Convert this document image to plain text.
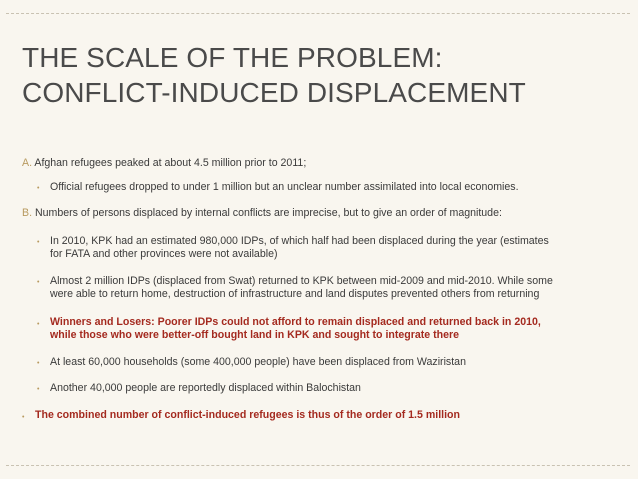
THE SCALE OF THE PROBLEM:
CONFLICT-INDUCED DISPLACEMENT
A. Afghan refugees peaked at about 4.5 million prior to 2011;
• Official refugees dropped to under 1 million but an unclear number assimilated into local economies.
B. Numbers of persons displaced by internal conflicts are imprecise, but to give an order of magnitude:
• In 2010, KPK had an estimated 980,000 IDPs, of which half had been displaced during the year (estimates
for FATA and other provinces were not available)
• Almost 2 million IDPs (displaced from Swat) returned to KPK between mid-2009 and mid-2010. While some
were able to return home, destruction of infrastructure and land disputes prevented others from returning
• Winners and Losers: Poorer IDPs could not afford to remain displaced and returned back in 2010,
while those who were better-off bought land in KPK and sought to integrate there
• At least 60,000 households (some 400,000 people) have been displaced from Waziristan
• Another 40,000 people are reportedly displaced within Balochistan
• The combined number of conflict-induced refugees is thus of the order of 1.5 million
